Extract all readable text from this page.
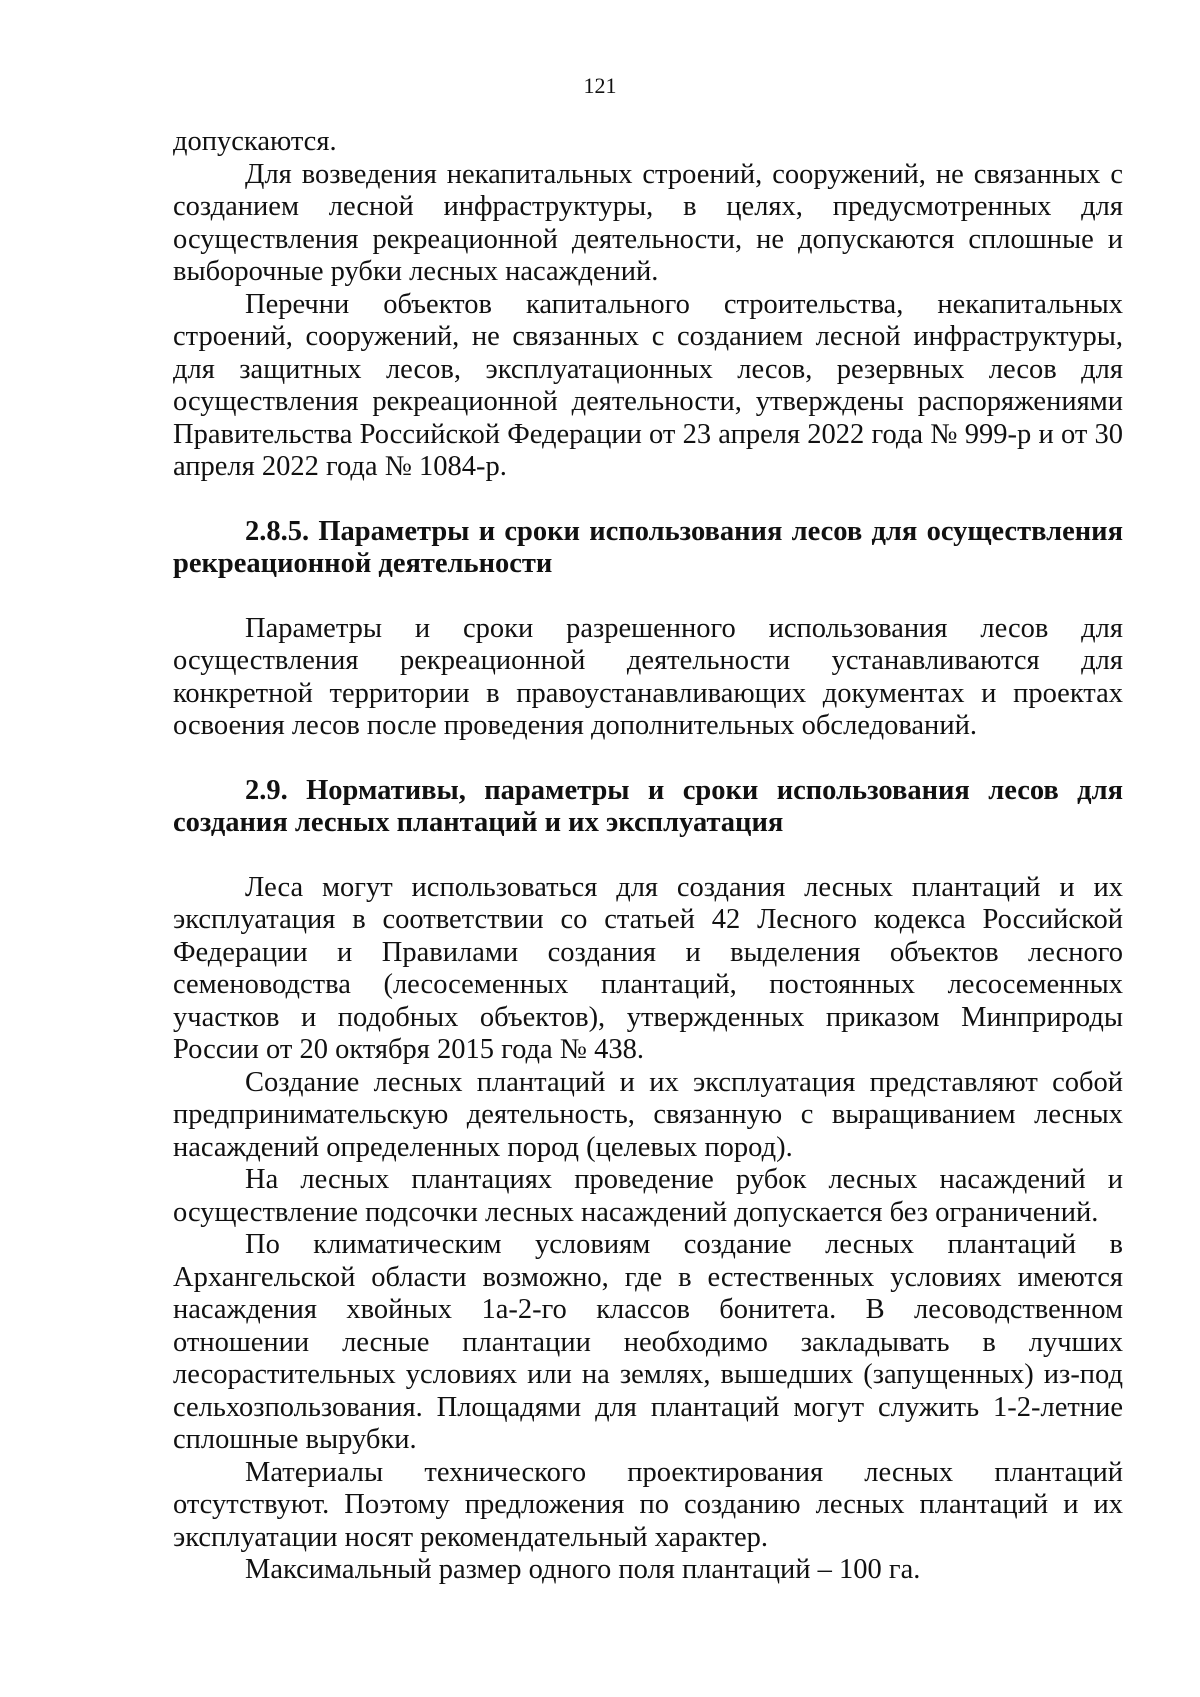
121

допускаются.

Для возведения некапитальных строений, сооружений, не связанных с созданием лесной инфраструктуры, в целях, предусмотренных для осуществления рекреационной деятельности, не допускаются сплошные и выборочные рубки лесных насаждений.

Перечни объектов капитального строительства, некапитальных строений, сооружений, не связанных с созданием лесной инфраструктуры, для защитных лесов, эксплуатационных лесов, резервных лесов для осуществления рекреационной деятельности, утверждены распоряжениями Правительства Российской Федерации от 23 апреля 2022 года № 999-р и от 30 апреля 2022 года № 1084-р.

2.8.5. Параметры и сроки использования лесов для осуществления рекреационной деятельности

Параметры и сроки разрешенного использования лесов для осуществления рекреационной деятельности устанавливаются для конкретной территории в правоустанавливающих документах и проектах освоения лесов после проведения дополнительных обследований.

2.9. Нормативы, параметры и сроки использования лесов для создания лесных плантаций и их эксплуатация

Леса могут использоваться для создания лесных плантаций и их эксплуатация в соответствии со статьей 42 Лесного кодекса Российской Федерации и Правилами создания и выделения объектов лесного семеноводства (лесосеменных плантаций, постоянных лесосеменных участков и подобных объектов), утвержденных приказом Минприроды России от 20 октября 2015 года № 438.

Создание лесных плантаций и их эксплуатация представляют собой предпринимательскую деятельность, связанную с выращиванием лесных насаждений определенных пород (целевых пород).

На лесных плантациях проведение рубок лесных насаждений и осуществление подсочки лесных насаждений допускается без ограничений.

По климатическим условиям создание лесных плантаций в Архангельской области возможно, где в естественных условиях имеются насаждения хвойных 1а-2-го классов бонитета. В лесоводственном отношении лесные плантации необходимо закладывать в лучших лесорастительных условиях или на землях, вышедших (запущенных) из-под сельхозпользования. Площадями для плантаций могут служить 1-2-летние сплошные вырубки.

Материалы технического проектирования лесных плантаций отсутствуют. Поэтому предложения по созданию лесных плантаций и их эксплуатации носят рекомендательный характер.

Максимальный размер одного поля плантаций – 100 га.
